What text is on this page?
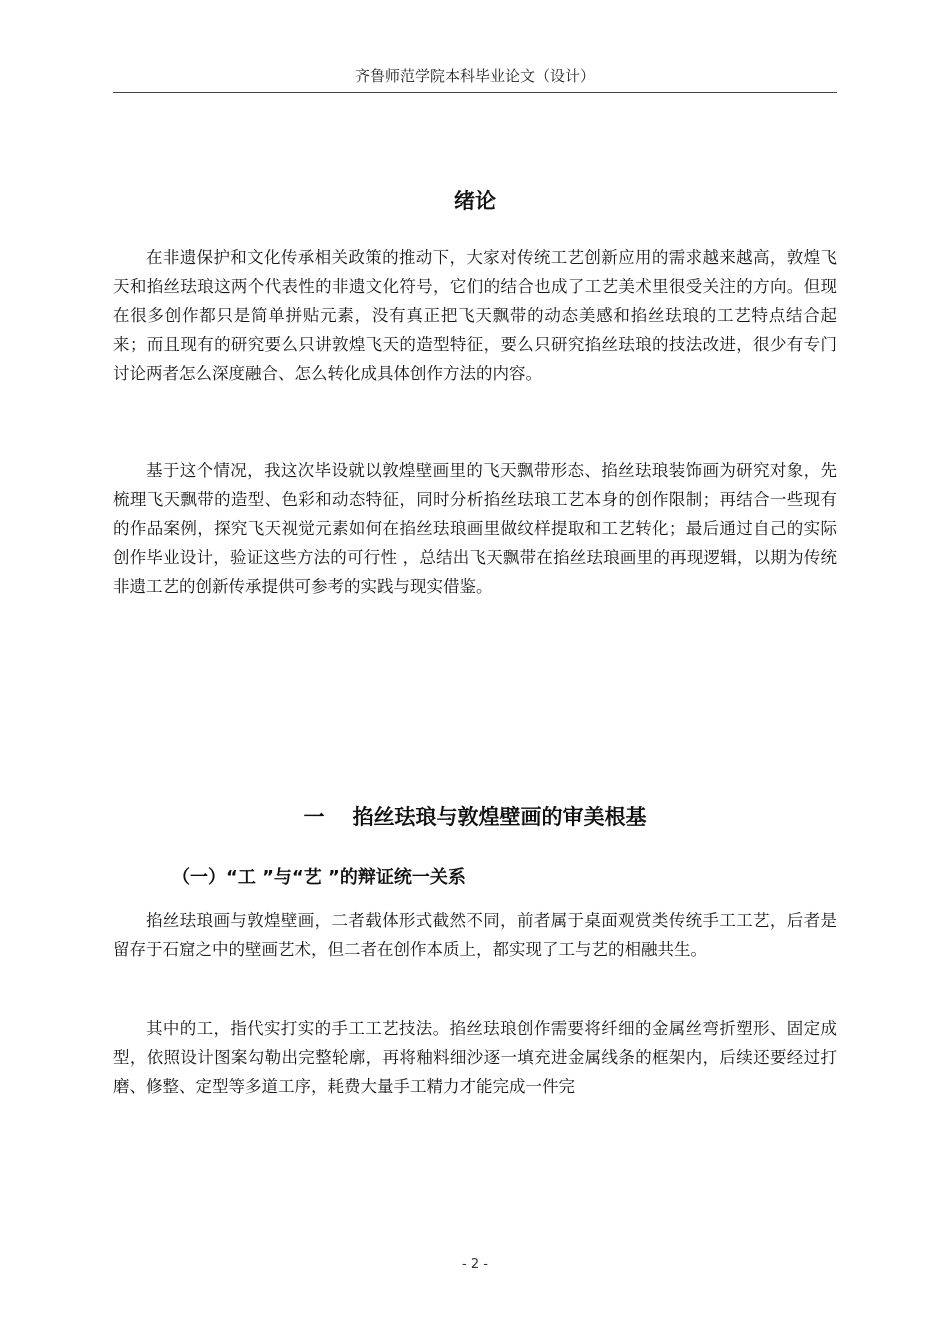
齐鲁师范学院本科毕业论文（设计）
绪论

在非遗保护和文化传承相关政策的推动下，大家对传统工艺创新应用的需求越来越高，敦煌飞天和掐丝珐琅这两个代表性的非遗文化符号，它们的结合也成了工艺美术里很受关注的方向。但现在很多创作都只是简单拼贴元素，没有真正把飞天飘带的动态美感和掐丝珐琅的工艺特点结合起来；而且现有的研究要么只讲敦煌飞天的造型特征，要么只研究掐丝珐琅的技法改进，很少有专门讨论两者怎么深度融合、怎么转化成具体创作方法的内容。

基于这个情况，我这次毕设就以敦煌壁画里的飞天飘带形态、掐丝珐琅装饰画为研究对象，先梳理飞天飘带的造型、色彩和动态特征，同时分析掐丝珐琅工艺本身的创作限制；再结合一些现有的作品案例，探究飞天视觉元素如何在掐丝珐琅画里做纹样提取和工艺转化；最后通过自己的实际创作毕业设计，验证这些方法的可行性 ，总结出飞天飘带在掐丝珐琅画里的再现逻辑，以期为传统非遗工艺的创新传承提供可参考的实践与现实借鉴。

一 掐丝珐琅与敦煌壁画的审美根基
（一）“工 ”与“艺 ”的辩证统一关系

掐丝珐琅画与敦煌壁画，二者载体形式截然不同，前者属于桌面观赏类传统手工工艺，后者是留存于石窟之中的壁画艺术，但二者在创作本质上，都实现了工与艺的相融共生。

其中的工，指代实打实的手工工艺技法。掐丝珐琅创作需要将纤细的金属丝弯折塑形、固定成型，依照设计图案勾勒出完整轮廓，再将釉料细沙逐一填充进金属线条的框架内，后续还要经过打磨、修整、定型等多道工序，耗费大量手工精力才能完成一件完

- 2 -
